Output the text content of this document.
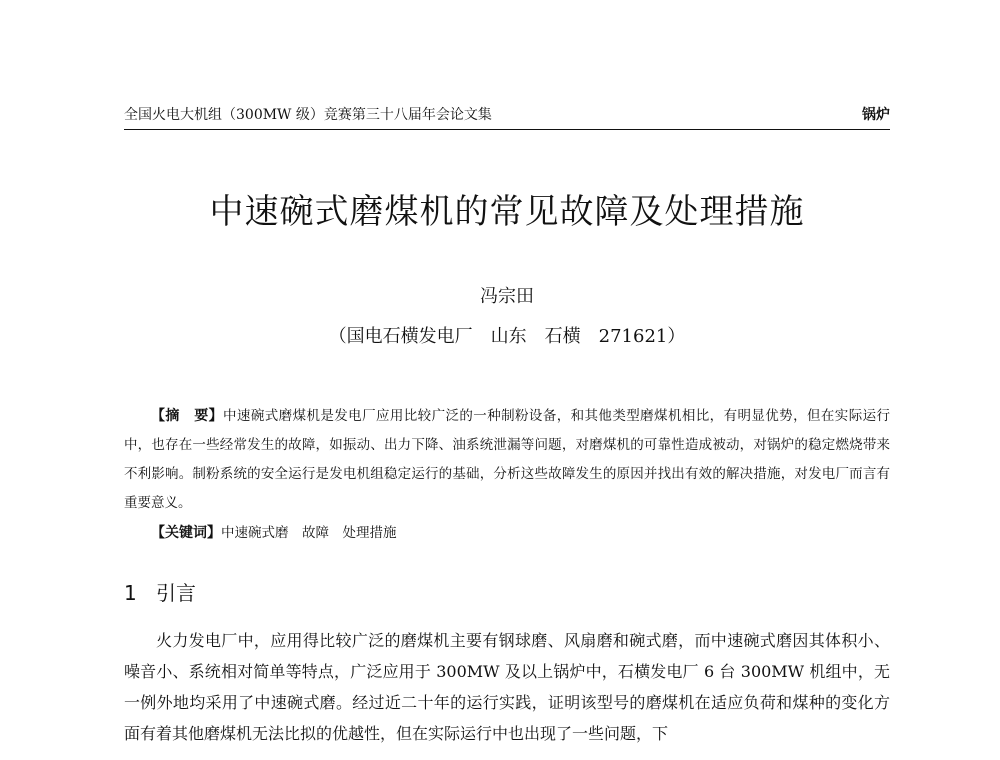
全国火电大机组（300MW 级）竞赛第三十八届年会论文集	锅炉
中速碗式磨煤机的常见故障及处理措施
冯宗田
（国电石横发电厂　山东　石横　271621）

【摘　要】中速碗式磨煤机是发电厂应用比较广泛的一种制粉设备，和其他类型磨煤机相比，有明显优势，但在实际运行中，也存在一些经常发生的故障，如振动、出力下降、油系统泄漏等问题，对磨煤机的可靠性造成被动，对锅炉的稳定燃烧带来不利影响。制粉系统的安全运行是发电机组稳定运行的基础，分析这些故障发生的原因并找出有效的解决措施，对发电厂而言有重要意义。

【关键词】中速碗式磨　故障　处理措施
1 引言

火力发电厂中，应用得比较广泛的磨煤机主要有钢球磨、风扇磨和碗式磨，而中速碗式磨因其体积小、噪音小、系统相对简单等特点，广泛应用于 300MW 及以上锅炉中，石横发电厂 6 台 300MW 机组中，无一例外地均采用了中速碗式磨。经过近二十年的运行实践，证明该型号的磨煤机在适应负荷和煤种的变化方面有着其他磨煤机无法比拟的优越性，但在实际运行中也出现了一些问题，下
